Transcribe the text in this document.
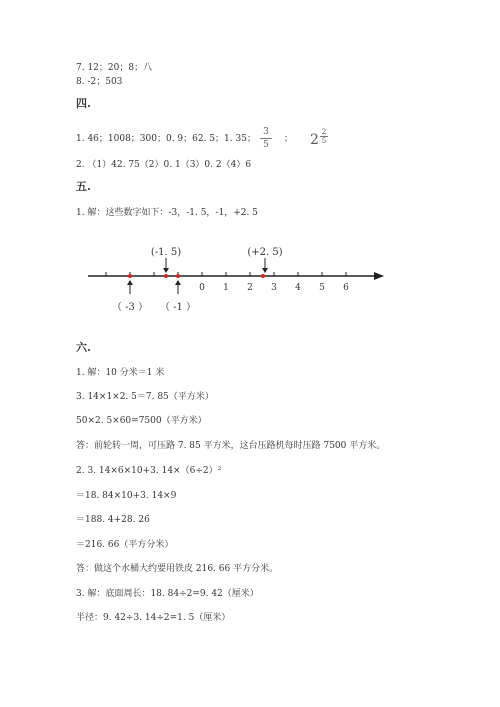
7. 12；20；8；八
8. -2；503
四.
1. 46；1008；300；0. 9；62. 5；1. 35；
3
5
； 2 2
5
2. （1）42. 75（2）0. 1（3）0. 2（4）6
五.
1. 解：这些数字如下：-3，-1. 5，-1，+2. 5
0 1 2 3 4 5 6
(-1. 5)	(+2. 5)
（ -3 ） （ -1 ）
六.
1. 解：10 分米＝1 米
3. 14×1×2. 5＝7. 85（平方米）
50×2. 5×60=7500（平方米）
答：前轮转一周，可压路 7. 85 平方米，这台压路机每时压路 7500 平方米。
2. 3. 14×6×10+3. 14×（6÷2）²
＝18. 84×10+3. 14×9
＝188. 4+28. 26
＝216. 66（平方分米）
答：做这个水桶大约要用铁皮 216. 66 平方分米。
3. 解：底面周长：18. 84÷2=9. 42（厘米）
半径：9. 42÷3. 14÷2=1. 5（厘米）
